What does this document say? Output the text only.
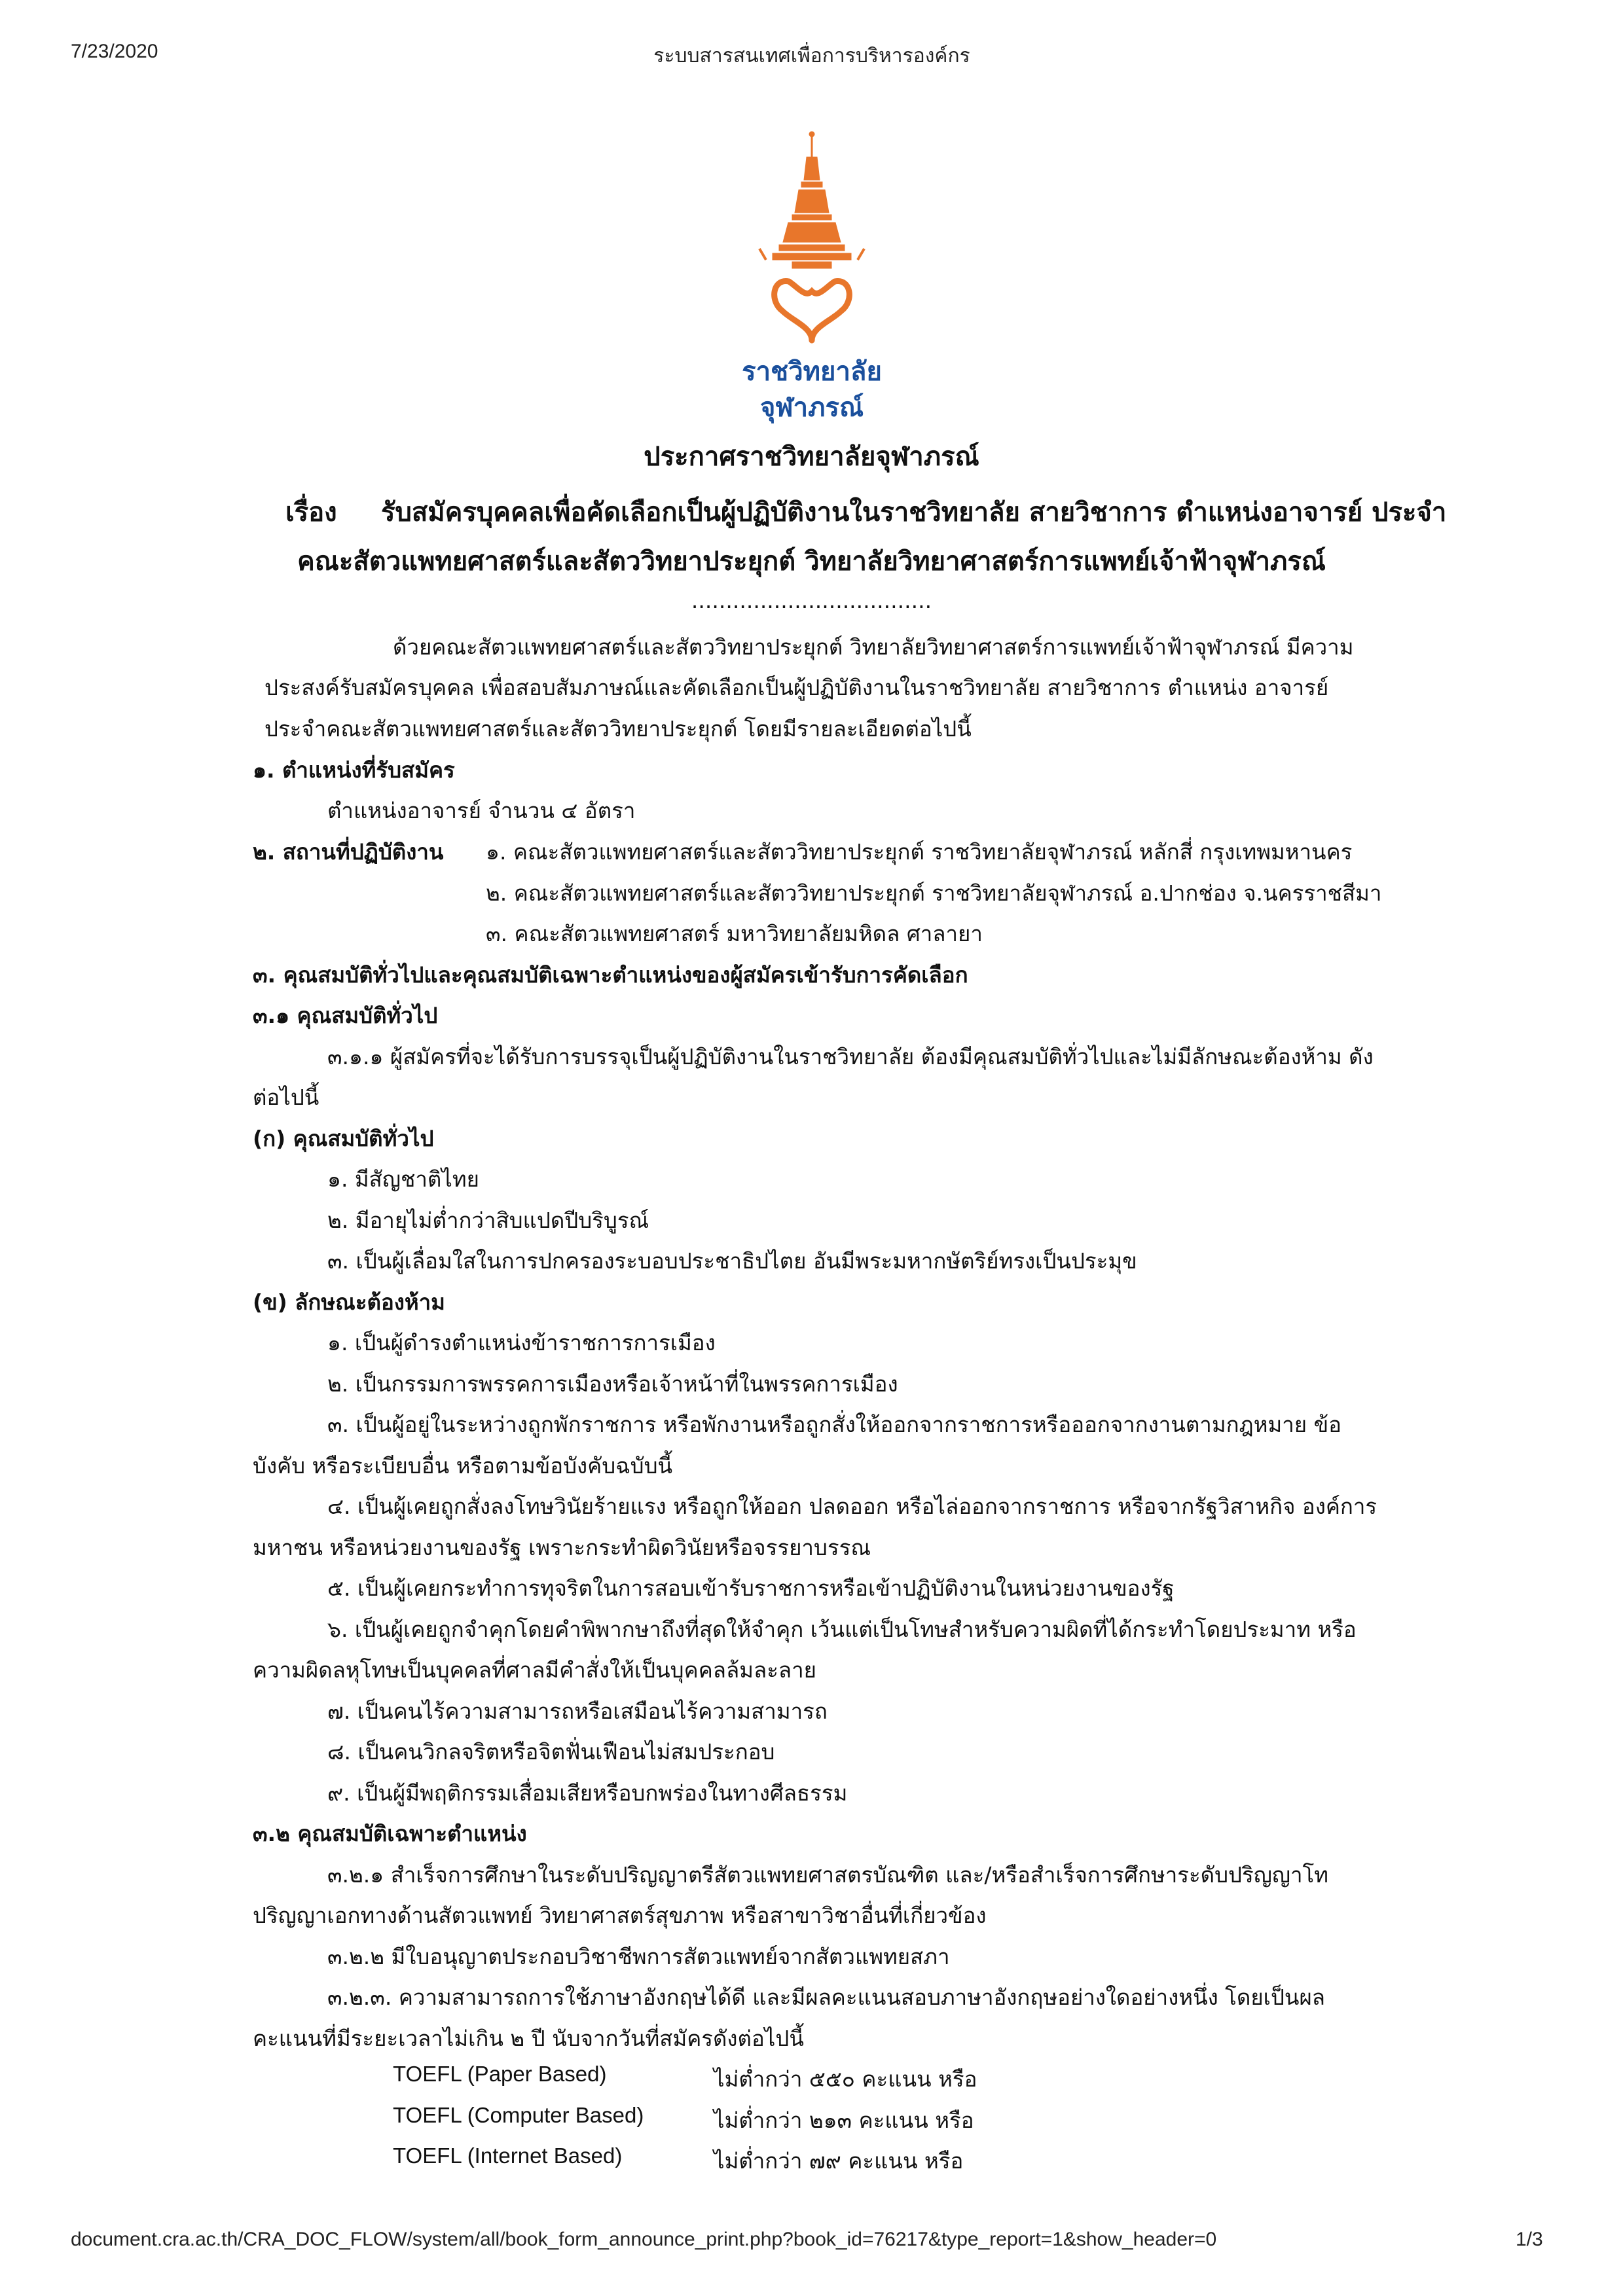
7/23/2020	ระบบสารสนเทศเพื่อการบริหารองค์กร
ราชวิทยาลัย
จุฬาภรณ์
ประกาศราชวิทยาลัยจุฬาภรณ์
เรื่อง รับสมัครบุคคลเพื่อคัดเลือกเป็นผู้ปฏิบัติงานในราชวิทยาลัย สายวิชาการ ตำแหน่งอาจารย์ ประจำ
คณะสัตวแพทยศาสตร์และสัตววิทยาประยุกต์ วิทยาลัยวิทยาศาสตร์การแพทย์เจ้าฟ้าจุฬาภรณ์
...................................
ด้วยคณะสัตวแพทยศาสตร์และสัตววิทยาประยุกต์ วิทยาลัยวิทยาศาสตร์การแพทย์เจ้าฟ้าจุฬาภรณ์ มีความ
ประสงค์รับสมัครบุคคล เพื่อสอบสัมภาษณ์และคัดเลือกเป็นผู้ปฏิบัติงานในราชวิทยาลัย สายวิชาการ ตำแหน่ง อาจารย์
ประจำคณะสัตวแพทยศาสตร์และสัตววิทยาประยุกต์ โดยมีรายละเอียดต่อไปนี้
๑. ตำแหน่งที่รับสมัคร
ตำแหน่งอาจารย์ จำนวน ๔ อัตรา
๒. สถานที่ปฏิบัติงาน ๑. คณะสัตวแพทยศาสตร์และสัตววิทยาประยุกต์ ราชวิทยาลัยจุฬาภรณ์ หลักสี่ กรุงเทพมหานคร
๒. คณะสัตวแพทยศาสตร์และสัตววิทยาประยุกต์ ราชวิทยาลัยจุฬาภรณ์ อ.ปากช่อง จ.นครราชสีมา
๓. คณะสัตวแพทยศาสตร์ มหาวิทยาลัยมหิดล ศาลายา
๓. คุณสมบัติทั่วไปและคุณสมบัติเฉพาะตำแหน่งของผู้สมัครเข้ารับการคัดเลือก
๓.๑ คุณสมบัติทั่วไป
๓.๑.๑ ผู้สมัครที่จะได้รับการบรรจุเป็นผู้ปฏิบัติงานในราชวิทยาลัย ต้องมีคุณสมบัติทั่วไปและไม่มีลักษณะต้องห้าม ดัง
ต่อไปนี้
(ก) คุณสมบัติทั่วไป
๑. มีสัญชาติไทย
๒. มีอายุไม่ต่ำกว่าสิบแปดปีบริบูรณ์
๓. เป็นผู้เลื่อมใสในการปกครองระบอบประชาธิปไตย อันมีพระมหากษัตริย์ทรงเป็นประมุข
(ข) ลักษณะต้องห้าม
๑. เป็นผู้ดำรงตำแหน่งข้าราชการการเมือง
๒. เป็นกรรมการพรรคการเมืองหรือเจ้าหน้าที่ในพรรคการเมือง
๓. เป็นผู้อยู่ในระหว่างถูกพักราชการ หรือพักงานหรือถูกสั่งให้ออกจากราชการหรือออกจากงานตามกฎหมาย ข้อ
บังคับ หรือระเบียบอื่น หรือตามข้อบังคับฉบับนี้
๔. เป็นผู้เคยถูกสั่งลงโทษวินัยร้ายแรง หรือถูกให้ออก ปลดออก หรือไล่ออกจากราชการ หรือจากรัฐวิสาหกิจ องค์การ
มหาชน หรือหน่วยงานของรัฐ เพราะกระทำผิดวินัยหรือจรรยาบรรณ
๕. เป็นผู้เคยกระทำการทุจริตในการสอบเข้ารับราชการหรือเข้าปฏิบัติงานในหน่วยงานของรัฐ
๖. เป็นผู้เคยถูกจำคุกโดยคำพิพากษาถึงที่สุดให้จำคุก เว้นแต่เป็นโทษสำหรับความผิดที่ได้กระทำโดยประมาท หรือ
ความผิดลหุโทษเป็นบุคคลที่ศาลมีคำสั่งให้เป็นบุคคลล้มละลาย
๗. เป็นคนไร้ความสามารถหรือเสมือนไร้ความสามารถ
๘. เป็นคนวิกลจริตหรือจิตฟั่นเฟือนไม่สมประกอบ
๙. เป็นผู้มีพฤติกรรมเสื่อมเสียหรือบกพร่องในทางศีลธรรม
๓.๒ คุณสมบัติเฉพาะตำแหน่ง
๓.๒.๑ สำเร็จการศึกษาในระดับปริญญาตรีสัตวแพทยศาสตรบัณฑิต และ/หรือสำเร็จการศึกษาระดับปริญญาโท
ปริญญาเอกทางด้านสัตวแพทย์ วิทยาศาสตร์สุขภาพ หรือสาขาวิชาอื่นที่เกี่ยวข้อง
๓.๒.๒ มีใบอนุญาตประกอบวิชาชีพการสัตวแพทย์จากสัตวแพทยสภา
๓.๒.๓. ความสามารถการใช้ภาษาอังกฤษได้ดี และมีผลคะแนนสอบภาษาอังกฤษอย่างใดอย่างหนึ่ง โดยเป็นผล
คะแนนที่มีระยะเวลาไม่เกิน ๒ ปี นับจากวันที่สมัครดังต่อไปนี้
TOEFL (Paper Based)	ไม่ต่ำกว่า ๕๕๐ คะแนน หรือ
TOEFL (Computer Based)	ไม่ต่ำกว่า ๒๑๓ คะแนน หรือ
TOEFL (Internet Based)	ไม่ต่ำกว่า ๗๙ คะแนน หรือ
document.cra.ac.th/CRA_DOC_FLOW/system/all/book_form_announce_print.php?book_id=76217&type_report=1&show_header=0	1/3
